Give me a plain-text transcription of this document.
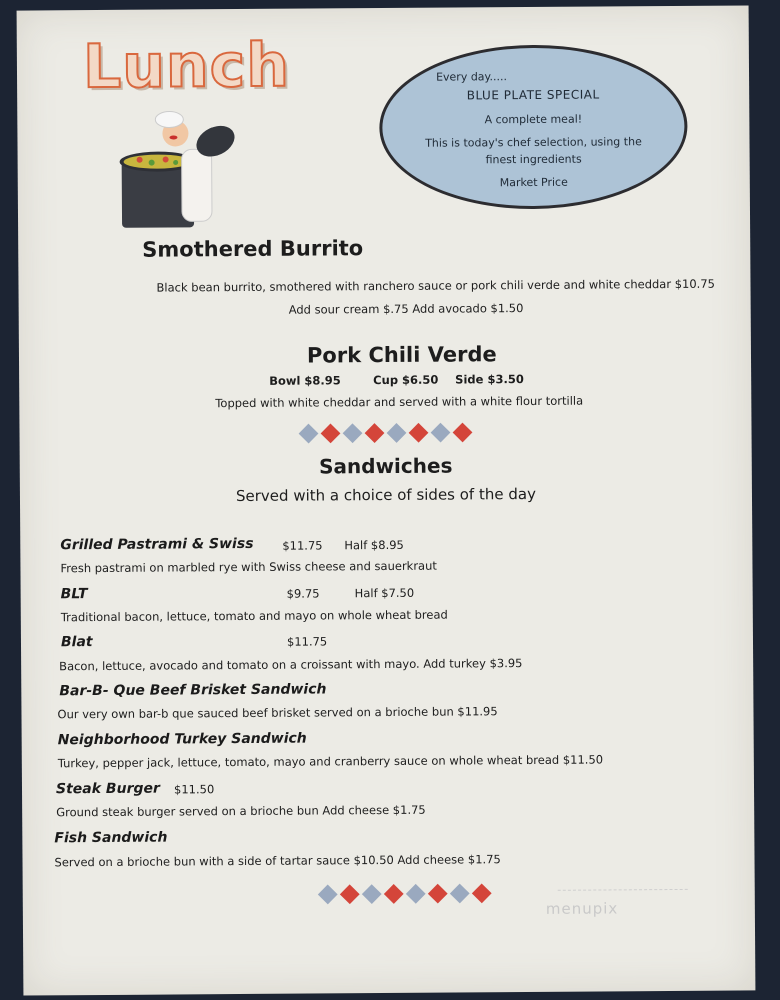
Lunch	Every day.....
BLUE PLATE SPECIAL
A complete meal!
This is today's chef selection, using the
finest ingredients
Market Price
Smothered Burrito
Black bean burrito, smothered with ranchero sauce or pork chili verde and white cheddar $10.75
Add sour cream $.75 Add avocado $1.50
Pork Chili Verde
Bowl $8.95	Cup $6.50 Side $3.50
Topped with white cheddar and served with a white flour tortilla
Sandwiches
Served with a choice of sides of the day
Grilled Pastrami & Swiss $11.75 Half $8.95
Fresh pastrami on marbled rye with Swiss cheese and sauerkraut
BLT	$9.75	Half $7.50
Traditional bacon, lettuce, tomato and mayo on whole wheat bread
Blat	$11.75
Bacon, lettuce, avocado and tomato on a croissant with mayo. Add turkey $3.95
Bar-B- Que Beef Brisket Sandwich
Our very own bar-b que sauced beef brisket served on a brioche bun $11.95
Neighborhood Turkey Sandwich
Turkey, pepper jack, lettuce, tomato, mayo and cranberry sauce on whole wheat bread $11.50
Steak Burger $11.50
Ground steak burger served on a brioche bun Add cheese $1.75
Fish Sandwich
Served on a brioche bun with a side of tartar sauce $10.50 Add cheese $1.75
menupix
